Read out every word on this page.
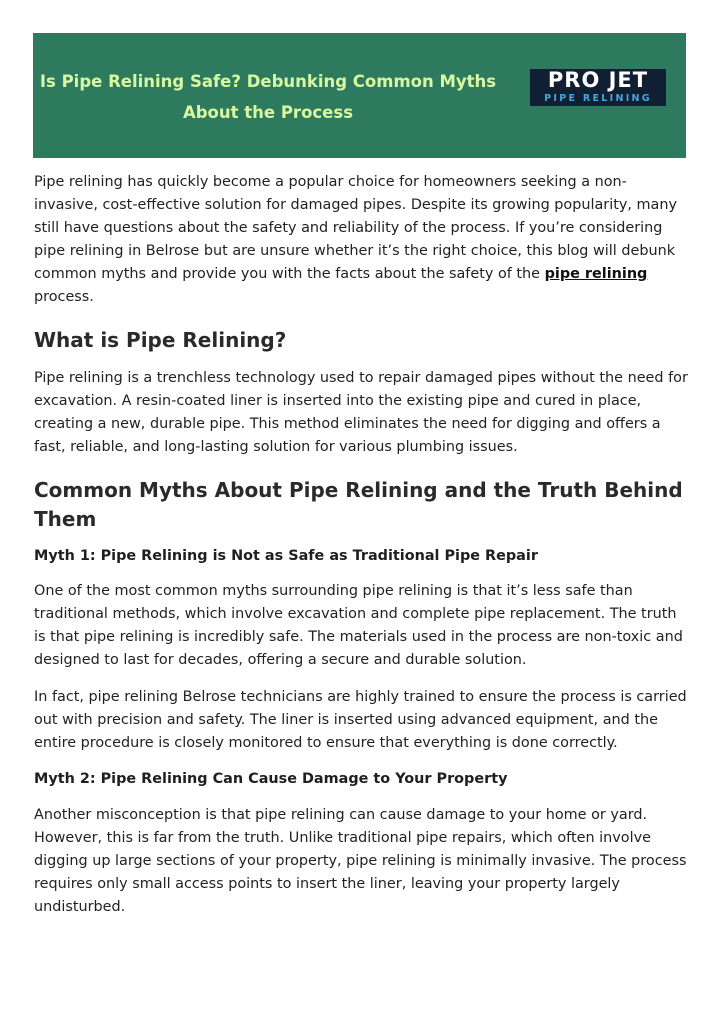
Is Pipe Relining Safe? Debunking Common Myths About the Process
PRO JET
PIPE RELINING

Pipe relining has quickly become a popular choice for homeowners seeking a non-invasive, cost-effective solution for damaged pipes. Despite its growing popularity, many still have questions about the safety and reliability of the process. If you’re considering pipe relining in Belrose but are unsure whether it’s the right choice, this blog will debunk common myths and provide you with the facts about the safety of the pipe relining process.

What is Pipe Relining?

Pipe relining is a trenchless technology used to repair damaged pipes without the need for excavation. A resin-coated liner is inserted into the existing pipe and cured in place, creating a new, durable pipe. This method eliminates the need for digging and offers a fast, reliable, and long-lasting solution for various plumbing issues.

Common Myths About Pipe Relining and the Truth Behind Them
Myth 1: Pipe Relining is Not as Safe as Traditional Pipe Repair

One of the most common myths surrounding pipe relining is that it’s less safe than traditional methods, which involve excavation and complete pipe replacement. The truth is that pipe relining is incredibly safe. The materials used in the process are non-toxic and designed to last for decades, offering a secure and durable solution.

In fact, pipe relining Belrose technicians are highly trained to ensure the process is carried out with precision and safety. The liner is inserted using advanced equipment, and the entire procedure is closely monitored to ensure that everything is done correctly.

Myth 2: Pipe Relining Can Cause Damage to Your Property

Another misconception is that pipe relining can cause damage to your home or yard. However, this is far from the truth. Unlike traditional pipe repairs, which often involve digging up large sections of your property, pipe relining is minimally invasive. The process requires only small access points to insert the liner, leaving your property largely undisturbed.
